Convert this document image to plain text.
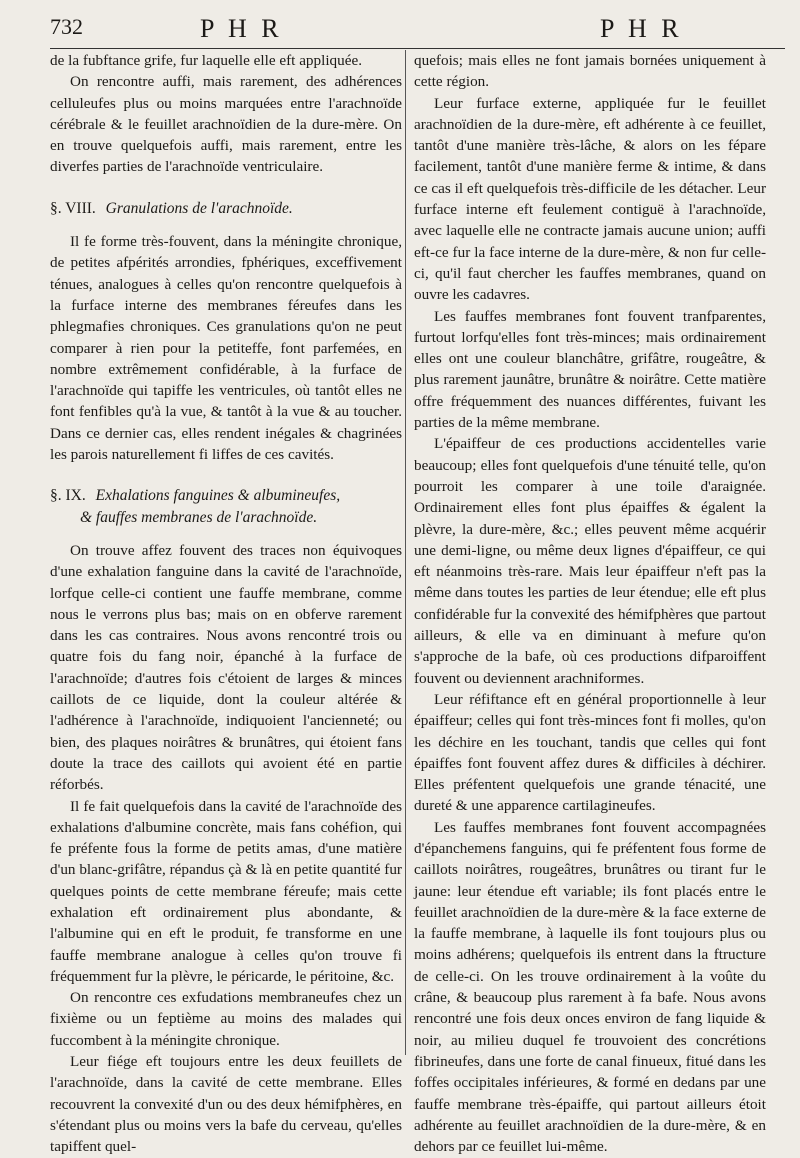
732	P H R	P H R

de la fubftance grife, fur laquelle elle eft appliquée.

On rencontre auffi, mais rarement, des adhérences celluleufes plus ou moins marquées entre l'arachnoïde cérébrale & le feuillet arachnoïdien de la dure-mère. On en trouve quelquefois auffi, mais rarement, entre les diverfes parties de l'arachnoïde ventriculaire.

§. VIII. Granulations de l'arachnoïde.

Il fe forme très-fouvent, dans la méningite chronique, de petites afpérités arrondies, fphériques, exceffivement ténues, analogues à celles qu'on rencontre quelquefois à la furface interne des membranes féreufes dans les phlegmafies chroniques. Ces granulations qu'on ne peut comparer à rien pour la petiteffe, font parfemées, en nombre extrêmement confidérable, à la furface de l'arachnoïde qui tapiffe les ventricules, où tantôt elles ne font fenfibles qu'à la vue, & tantôt à la vue & au toucher. Dans ce dernier cas, elles rendent inégales & chagrinées les parois naturellement fi liffes de ces cavités.

§. IX. Exhalations fanguines & albumineufes,
& fauffes membranes de l'arachnoïde.

On trouve affez fouvent des traces non équivoques d'une exhalation fanguine dans la cavité de l'arachnoïde, lorfque celle-ci contient une fauffe membrane, comme nous le verrons plus bas; mais on en obferve rarement dans les cas contraires. Nous avons rencontré trois ou quatre fois du fang noir, épanché à la furface de l'arachnoïde; d'autres fois c'étoient de larges & minces caillots de ce liquide, dont la couleur altérée & l'adhérence à l'arachnoïde, indiquoient l'ancienneté; ou bien, des plaques noirâtres & brunâtres, qui étoient fans doute la trace des caillots qui avoient été en partie réforbés.

Il fe fait quelquefois dans la cavité de l'arachnoïde des exhalations d'albumine concrète, mais fans cohéfion, qui fe préfente fous la forme de petits amas, d'une matière d'un blanc-grifâtre, répandus çà & là en petite quantité fur quelques points de cette membrane féreufe; mais cette exhalation eft ordinairement plus abondante, & l'albumine qui en eft le produit, fe transforme en une fauffe membrane analogue à celles qu'on trouve fi fréquemment fur la plèvre, le péricarde, le péritoine, &c.

On rencontre ces exfudations membraneufes chez un fixième ou un feptième au moins des malades qui fuccombent à la méningite chronique.

Leur fiége eft toujours entre les deux feuillets de l'arachnoïde, dans la cavité de cette membrane. Elles recouvrent la convexité d'un ou des deux hémifphères, en s'étendant plus ou moins vers la bafe du cerveau, qu'elles tapiffent quel-

quefois; mais elles ne font jamais bornées uniquement à cette région.

Leur furface externe, appliquée fur le feuillet arachnoïdien de la dure-mère, eft adhérente à ce feuillet, tantôt d'une manière très-lâche, & alors on les fépare facilement, tantôt d'une manière ferme & intime, & dans ce cas il eft quelquefois très-difficile de les détacher. Leur furface interne eft feulement contiguë à l'arachnoïde, avec laquelle elle ne contracte jamais aucune union; auffi eft-ce fur la face interne de la dure-mère, & non fur celle-ci, qu'il faut chercher les fauffes membranes, quand on ouvre les cadavres.

Les fauffes membranes font fouvent tranfparentes, furtout lorfqu'elles font très-minces; mais ordinairement elles ont une couleur blanchâtre, grifâtre, rougeâtre, & plus rarement jaunâtre, brunâtre & noirâtre. Cette matière offre fréquemment des nuances différentes, fuivant les parties de la même membrane.

L'épaiffeur de ces productions accidentelles varie beaucoup; elles font quelquefois d'une ténuité telle, qu'on pourroit les comparer à une toile d'araignée. Ordinairement elles font plus épaiffes & égalent la plèvre, la dure-mère, &c.; elles peuvent même acquérir une demi-ligne, ou même deux lignes d'épaiffeur, ce qui eft néanmoins très-rare. Mais leur épaiffeur n'eft pas la même dans toutes les parties de leur étendue; elle eft plus confidérable fur la convexité des hémifphères que partout ailleurs, & elle va en diminuant à mefure qu'on s'approche de la bafe, où ces productions difparoiffent fouvent ou deviennent arachniformes.

Leur réfiftance eft en général proportionnelle à leur épaiffeur; celles qui font très-minces font fi molles, qu'on les déchire en les touchant, tandis que celles qui font épaiffes font fouvent affez dures & difficiles à déchirer. Elles préfentent quelquefois une grande ténacité, une dureté & une apparence cartilagineufes.

Les fauffes membranes font fouvent accompagnées d'épanchemens fanguins, qui fe préfentent fous forme de caillots noirâtres, rougeâtres, brunâtres ou tirant fur le jaune: leur étendue eft variable; ils font placés entre le feuillet arachnoïdien de la dure-mère & la face externe de la fauffe membrane, à laquelle ils font toujours plus ou moins adhérens; quelquefois ils entrent dans la ftructure de celle-ci. On les trouve ordinairement à la voûte du crâne, & beaucoup plus rarement à fa bafe. Nous avons rencontré une fois deux onces environ de fang liquide & noir, au milieu duquel fe trouvoient des concrétions fibrineufes, dans une forte de canal finueux, fitué dans les foffes occipitales inférieures, & formé en dedans par une fauffe membrane très-épaiffe, qui partout ailleurs étoit adhérente au feuillet arachnoïdien de la dure-mère, & en dehors par ce feuillet lui-même.
